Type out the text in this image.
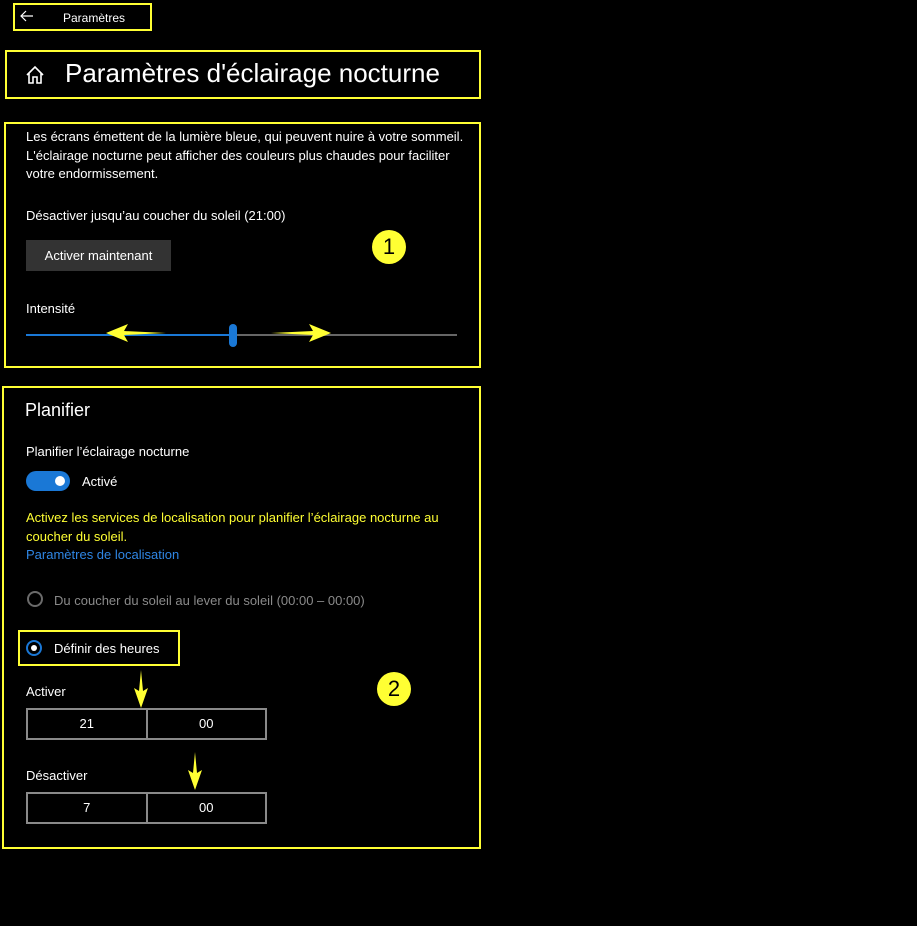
Paramètres
Paramètres d'éclairage nocturne
Les écrans émettent de la lumière bleue, qui peuvent nuire à votre sommeil. L'éclairage nocturne peut afficher des couleurs plus chaudes pour faciliter votre endormissement.
Désactiver jusqu’au coucher du soleil (21:00)
Activer maintenant	1
Intensité
Planifier
Planifier l’éclairage nocturne
Activé
Activez les services de localisation pour planifier l’éclairage nocturne au coucher du soleil.
Paramètres de localisation
Du coucher du soleil au lever du soleil (00:00 – 00:00)
Définir des heures
2
Activer
21	00
Désactiver
7	00
